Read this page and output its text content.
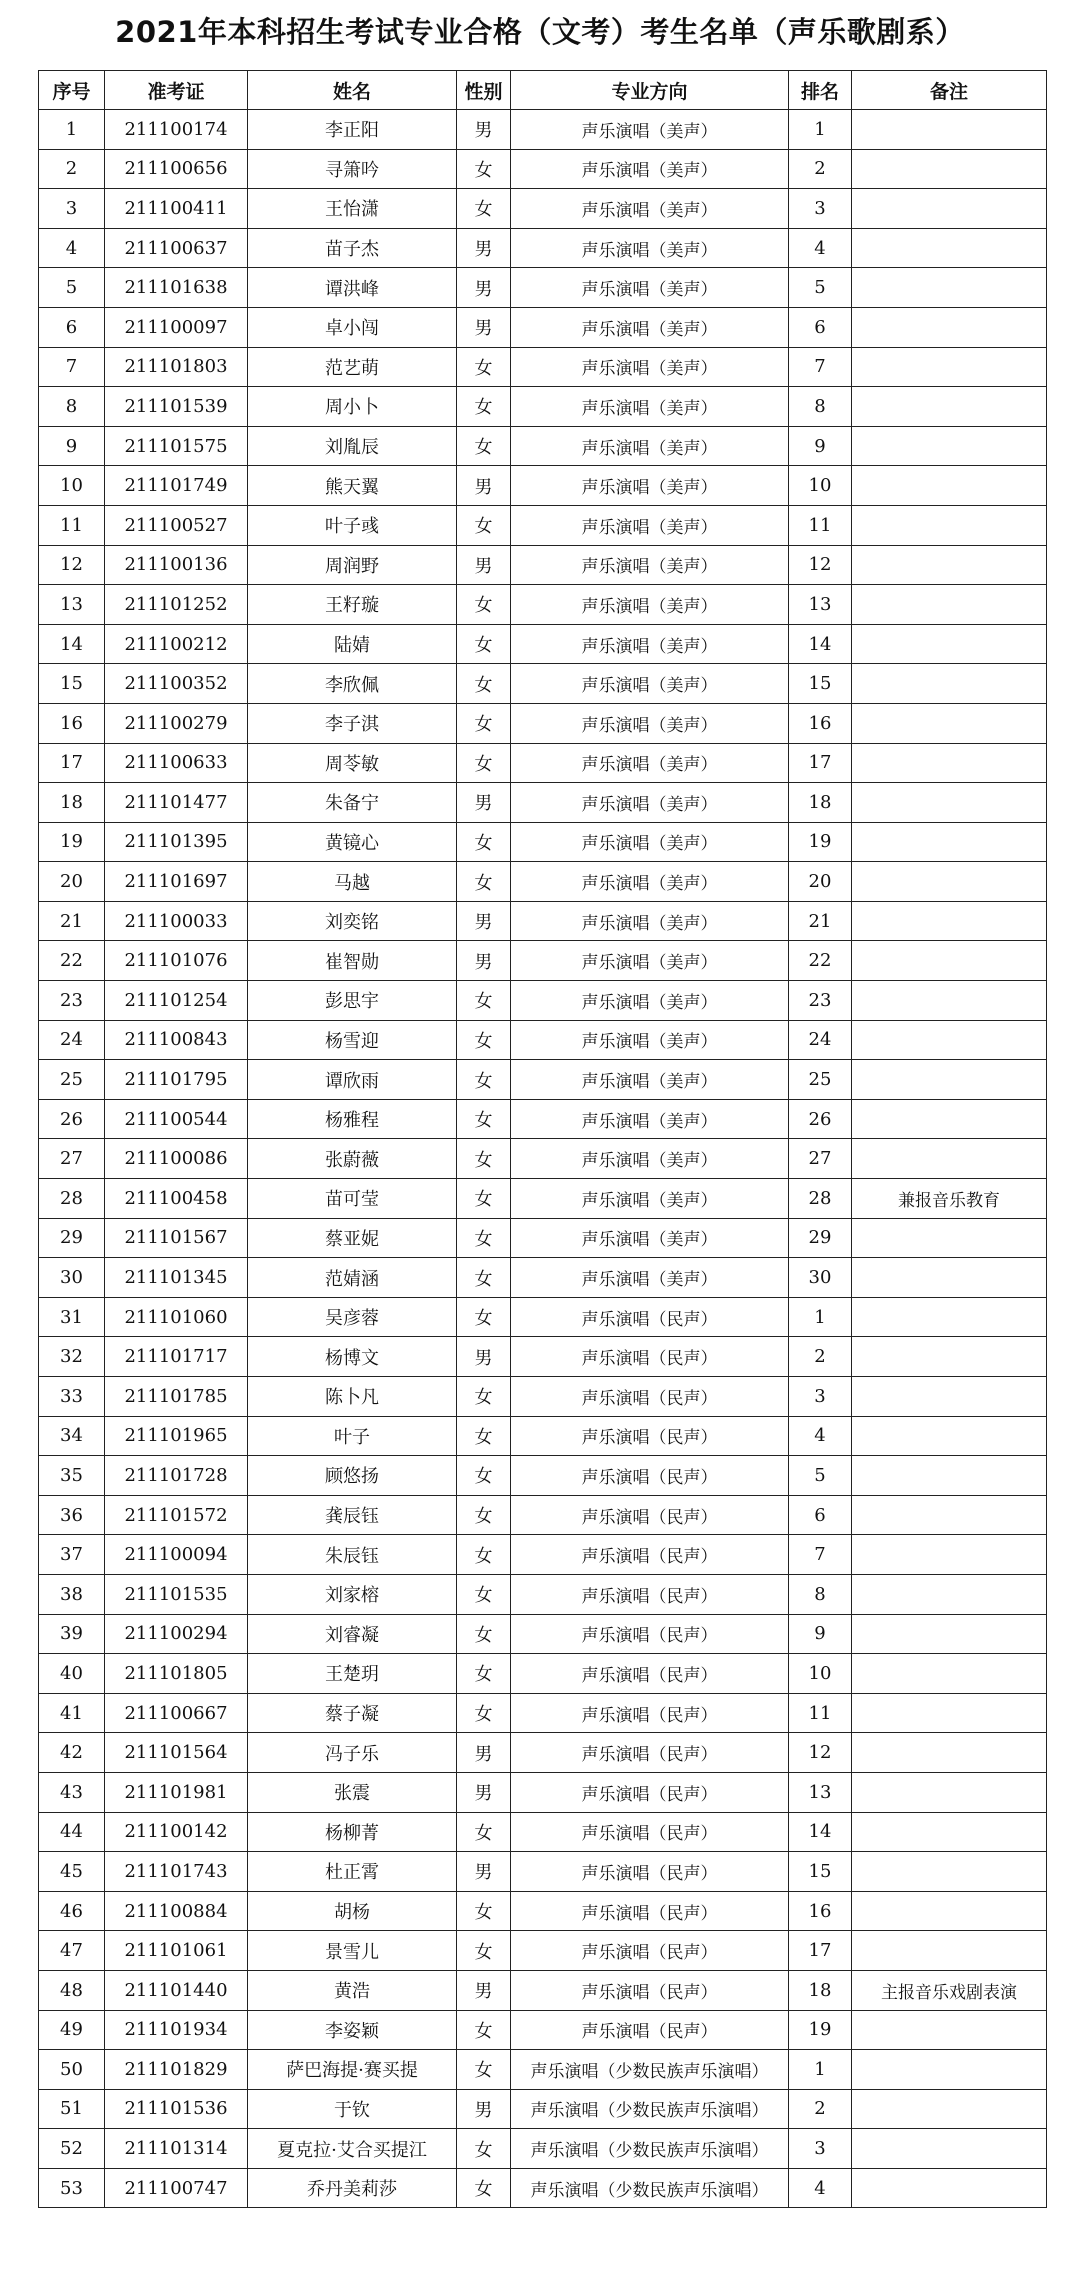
2021年本科招生考试专业合格（文考）考生名单（声乐歌剧系）
序号	准考证	姓名	性别	专业方向	排名	备注
1	211100174	李正阳	男	声乐演唱（美声）	1	
2	211100656	寻箫吟	女	声乐演唱（美声）	2	
3	211100411	王怡潇	女	声乐演唱（美声）	3	
4	211100637	苗子杰	男	声乐演唱（美声）	4	
5	211101638	谭洪峰	男	声乐演唱（美声）	5	
6	211100097	卓小闯	男	声乐演唱（美声）	6	
7	211101803	范艺萌	女	声乐演唱（美声）	7	
8	211101539	周小卜	女	声乐演唱（美声）	8	
9	211101575	刘胤辰	女	声乐演唱（美声）	9	
10	211101749	熊天翼	男	声乐演唱（美声）	10	
11	211100527	叶子彧	女	声乐演唱（美声）	11	
12	211100136	周润野	男	声乐演唱（美声）	12	
13	211101252	王籽璇	女	声乐演唱（美声）	13	
14	211100212	陆婧	女	声乐演唱（美声）	14	
15	211100352	李欣佩	女	声乐演唱（美声）	15	
16	211100279	李子淇	女	声乐演唱（美声）	16	
17	211100633	周苓敏	女	声乐演唱（美声）	17	
18	211101477	朱备宁	男	声乐演唱（美声）	18	
19	211101395	黄镜心	女	声乐演唱（美声）	19	
20	211101697	马越	女	声乐演唱（美声）	20	
21	211100033	刘奕铭	男	声乐演唱（美声）	21	
22	211101076	崔智勋	男	声乐演唱（美声）	22	
23	211101254	彭思宇	女	声乐演唱（美声）	23	
24	211100843	杨雪迎	女	声乐演唱（美声）	24	
25	211101795	谭欣雨	女	声乐演唱（美声）	25	
26	211100544	杨雅程	女	声乐演唱（美声）	26	
27	211100086	张蔚薇	女	声乐演唱（美声）	27	
28	211100458	苗可莹	女	声乐演唱（美声）	28	兼报音乐教育
29	211101567	蔡亚妮	女	声乐演唱（美声）	29	
30	211101345	范婧涵	女	声乐演唱（美声）	30	
31	211101060	吴彦蓉	女	声乐演唱（民声）	1	
32	211101717	杨博文	男	声乐演唱（民声）	2	
33	211101785	陈卜凡	女	声乐演唱（民声）	3	
34	211101965	叶子	女	声乐演唱（民声）	4	
35	211101728	顾悠扬	女	声乐演唱（民声）	5	
36	211101572	龚辰钰	女	声乐演唱（民声）	6	
37	211100094	朱辰钰	女	声乐演唱（民声）	7	
38	211101535	刘家榕	女	声乐演唱（民声）	8	
39	211100294	刘睿凝	女	声乐演唱（民声）	9	
40	211101805	王楚玥	女	声乐演唱（民声）	10	
41	211100667	蔡子凝	女	声乐演唱（民声）	11	
42	211101564	冯子乐	男	声乐演唱（民声）	12	
43	211101981	张震	男	声乐演唱（民声）	13	
44	211100142	杨柳菁	女	声乐演唱（民声）	14	
45	211101743	杜正霄	男	声乐演唱（民声）	15	
46	211100884	胡杨	女	声乐演唱（民声）	16	
47	211101061	景雪儿	女	声乐演唱（民声）	17	
48	211101440	黄浩	男	声乐演唱（民声）	18	主报音乐戏剧表演
49	211101934	李姿颖	女	声乐演唱（民声）	19	
50	211101829	萨巴海提·赛买提	女	声乐演唱（少数民族声乐演唱）	1	
51	211101536	于钦	男	声乐演唱（少数民族声乐演唱）	2	
52	211101314	夏克拉·艾合买提江	女	声乐演唱（少数民族声乐演唱）	3	
53	211100747	乔丹美莉莎	女	声乐演唱（少数民族声乐演唱）	4	
